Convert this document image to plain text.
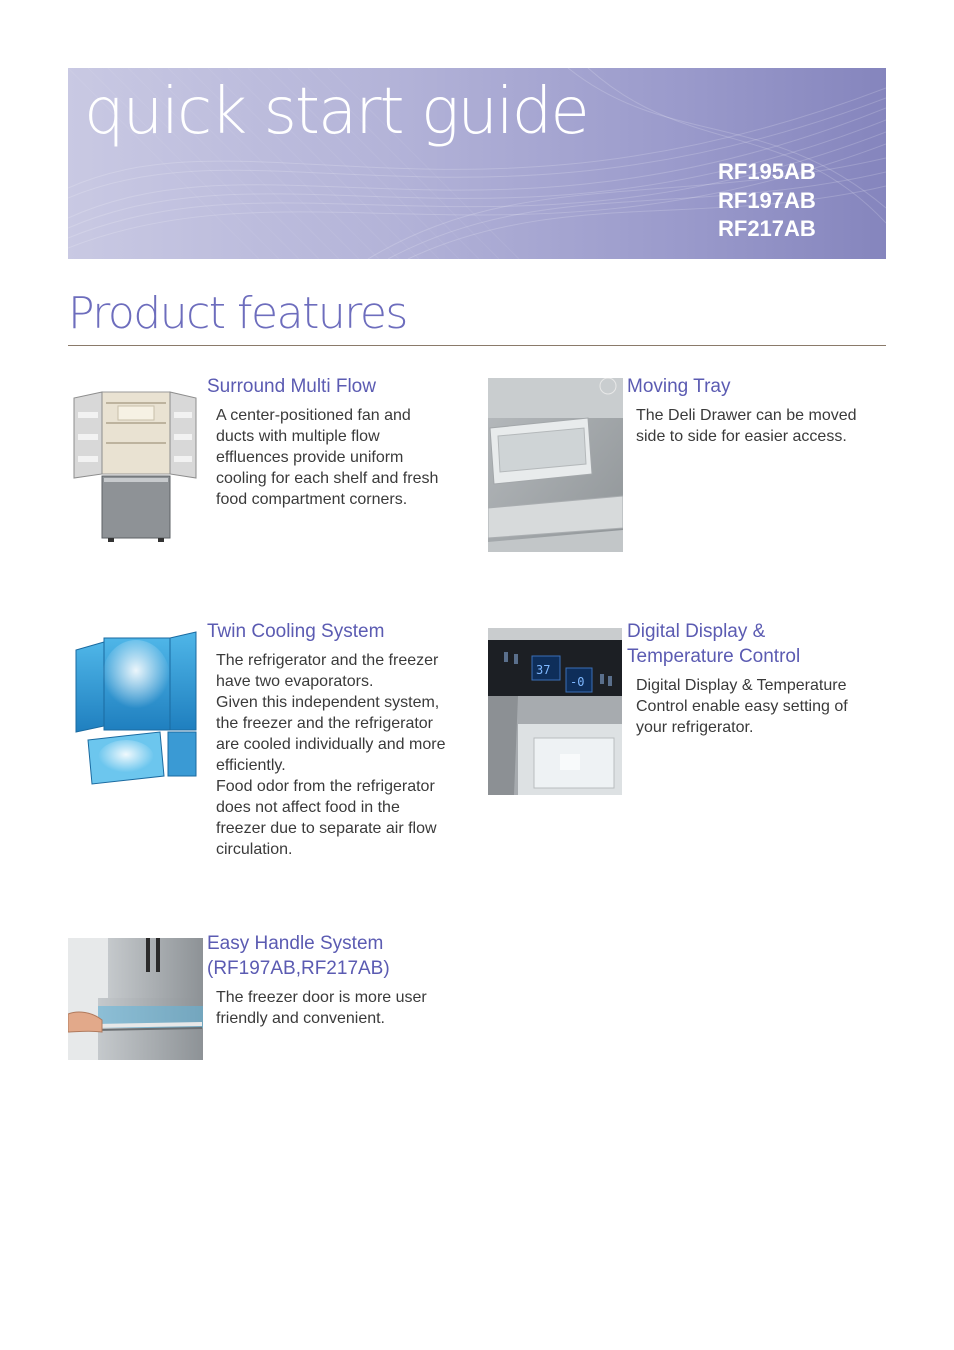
quick start guide
RF195AB
RF197AB
RF217AB
Product features
Surround Multi Flow

A center-positioned fan and
ducts with multiple flow
effluences provide uniform
cooling for each shelf and fresh
food compartment corners.

Moving Tray

The Deli Drawer can be moved
side to side for easier access.

Twin Cooling System

The refrigerator and the freezer
have two evaporators.
Given this independent system,
the freezer and the refrigerator
are cooled individually and more
efficiently.
Food odor from the refrigerator
does not affect food in the
freezer due to separate air flow
circulation.

37
-0
Digital Display &
Temperature Control

Digital Display & Temperature
Control enable easy setting of
your refrigerator.

Easy Handle System
(RF197AB,RF217AB)

The freezer door is more user
friendly and convenient.
